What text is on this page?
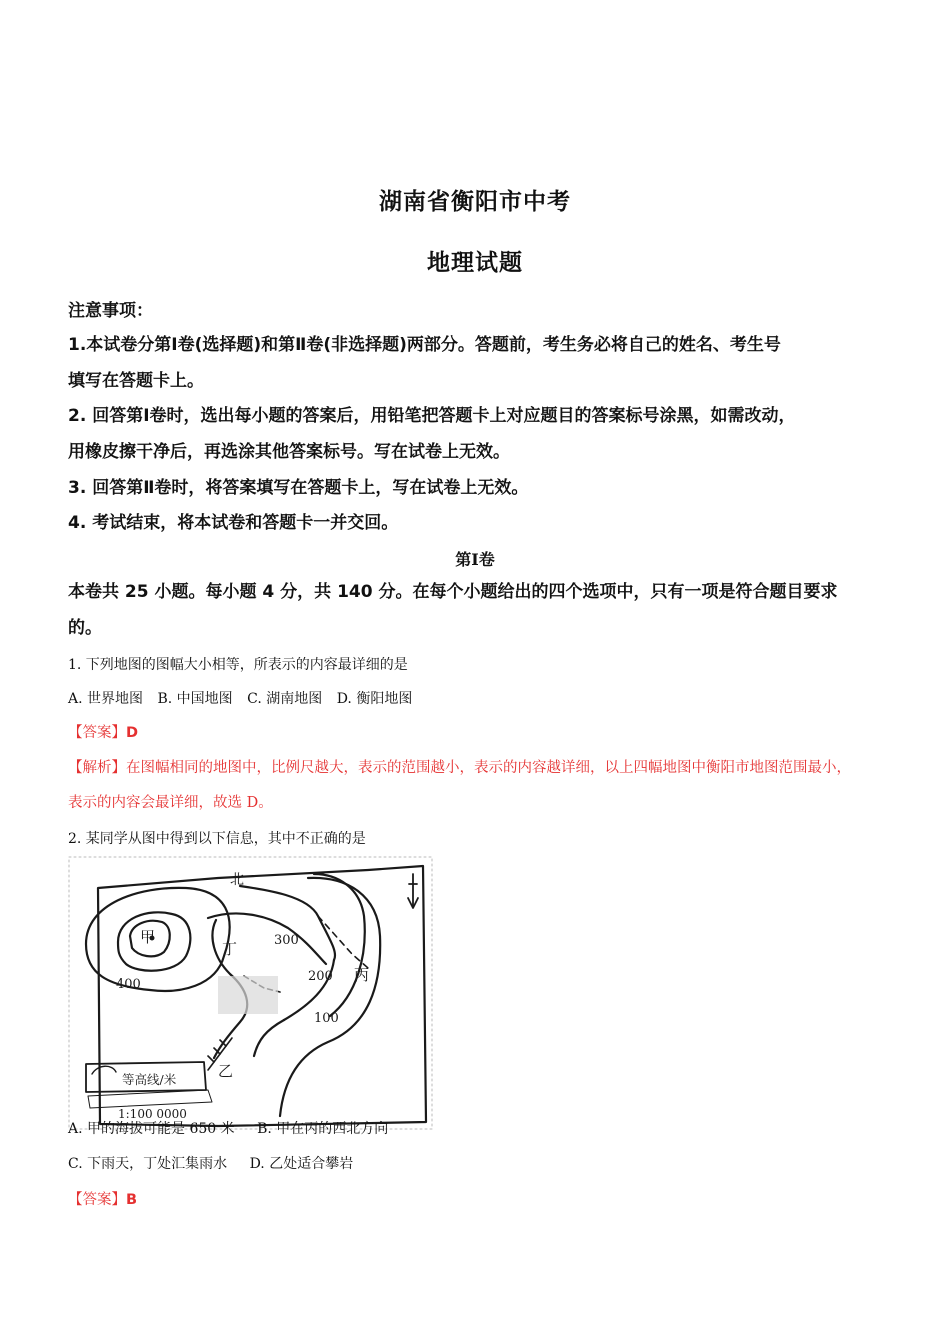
湖南省衡阳市中考
地理试题
注意事项：
1.本试卷分第Ⅰ卷(选择题)和第Ⅱ卷(非选择题)两部分。答题前，考生务必将自己的姓名、考生号
填写在答题卡上。
2. 回答第Ⅰ卷时，选出每小题的答案后，用铅笔把答题卡上对应题目的答案标号涂黑，如需改动，
用橡皮擦干净后，再选涂其他答案标号。写在试卷上无效。
3. 回答第Ⅱ卷时，将答案填写在答题卡上，写在试卷上无效。
4. 考试结束，将本试卷和答题卡一并交回。
第Ⅰ卷
本卷共 25 小题。每小题 4 分，共 140 分。在每个小题给出的四个选项中，只有一项是符合题目要求
的。
1. 下列地图的图幅大小相等，所表示的内容最详细的是
A. 世界地图 B. 中国地图 C. 湖南地图 D. 衡阳地图
【答案】D
【解析】在图幅相同的地图中，比例尺越大，表示的范围越小，表示的内容越详细，以上四幅地图中衡阳市地图范围最小，
表示的内容会最详细，故选 D。
2. 某同学从图中得到以下信息，其中不正确的是
甲
丁
乙
丙
北
300
200
100
400
等高线/米
1:100 0000
A. 甲的海拔可能是 650 米 B. 甲在丙的西北方向
C. 下雨天，丁处汇集雨水 D. 乙处适合攀岩
【答案】B
